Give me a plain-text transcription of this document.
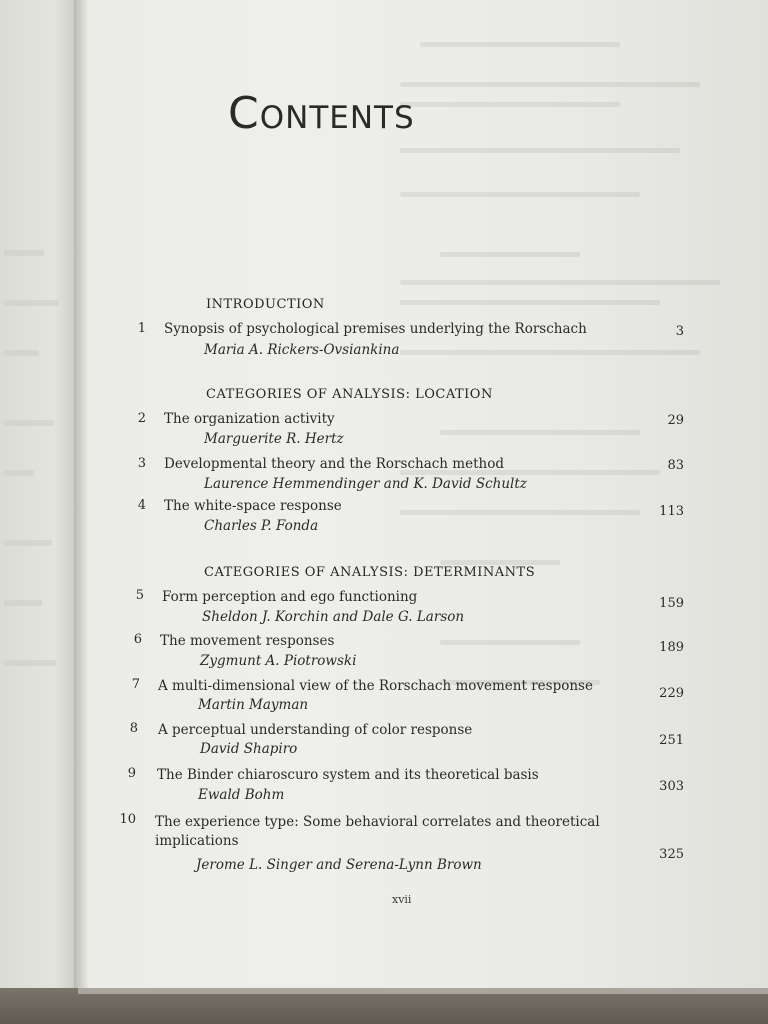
Contents
INTRODUCTION
1 Synopsis of psychological premises underlying the Rorschach
Maria A. Rickers-Ovsiankina
3
CATEGORIES OF ANALYSIS: LOCATION
2 The organization activity
Marguerite R. Hertz
29
3 Developmental theory and the Rorschach method
Laurence Hemmendinger and K. David Schultz
83
4 The white-space response
Charles P. Fonda
113
CATEGORIES OF ANALYSIS: DETERMINANTS
5 Form perception and ego functioning
Sheldon J. Korchin and Dale G. Larson
159
6 The movement responses
Zygmunt A. Piotrowski
189
7 A multi-dimensional view of the Rorschach movement response
Martin Mayman
229
8 A perceptual understanding of color response
David Shapiro
251
9 The Binder chiaroscuro system and its theoretical basis
Ewald Bohm
303
10 The experience type: Some behavioral correlates and theoretical
implications
Jerome L. Singer and Serena-Lynn Brown
325
xvii
